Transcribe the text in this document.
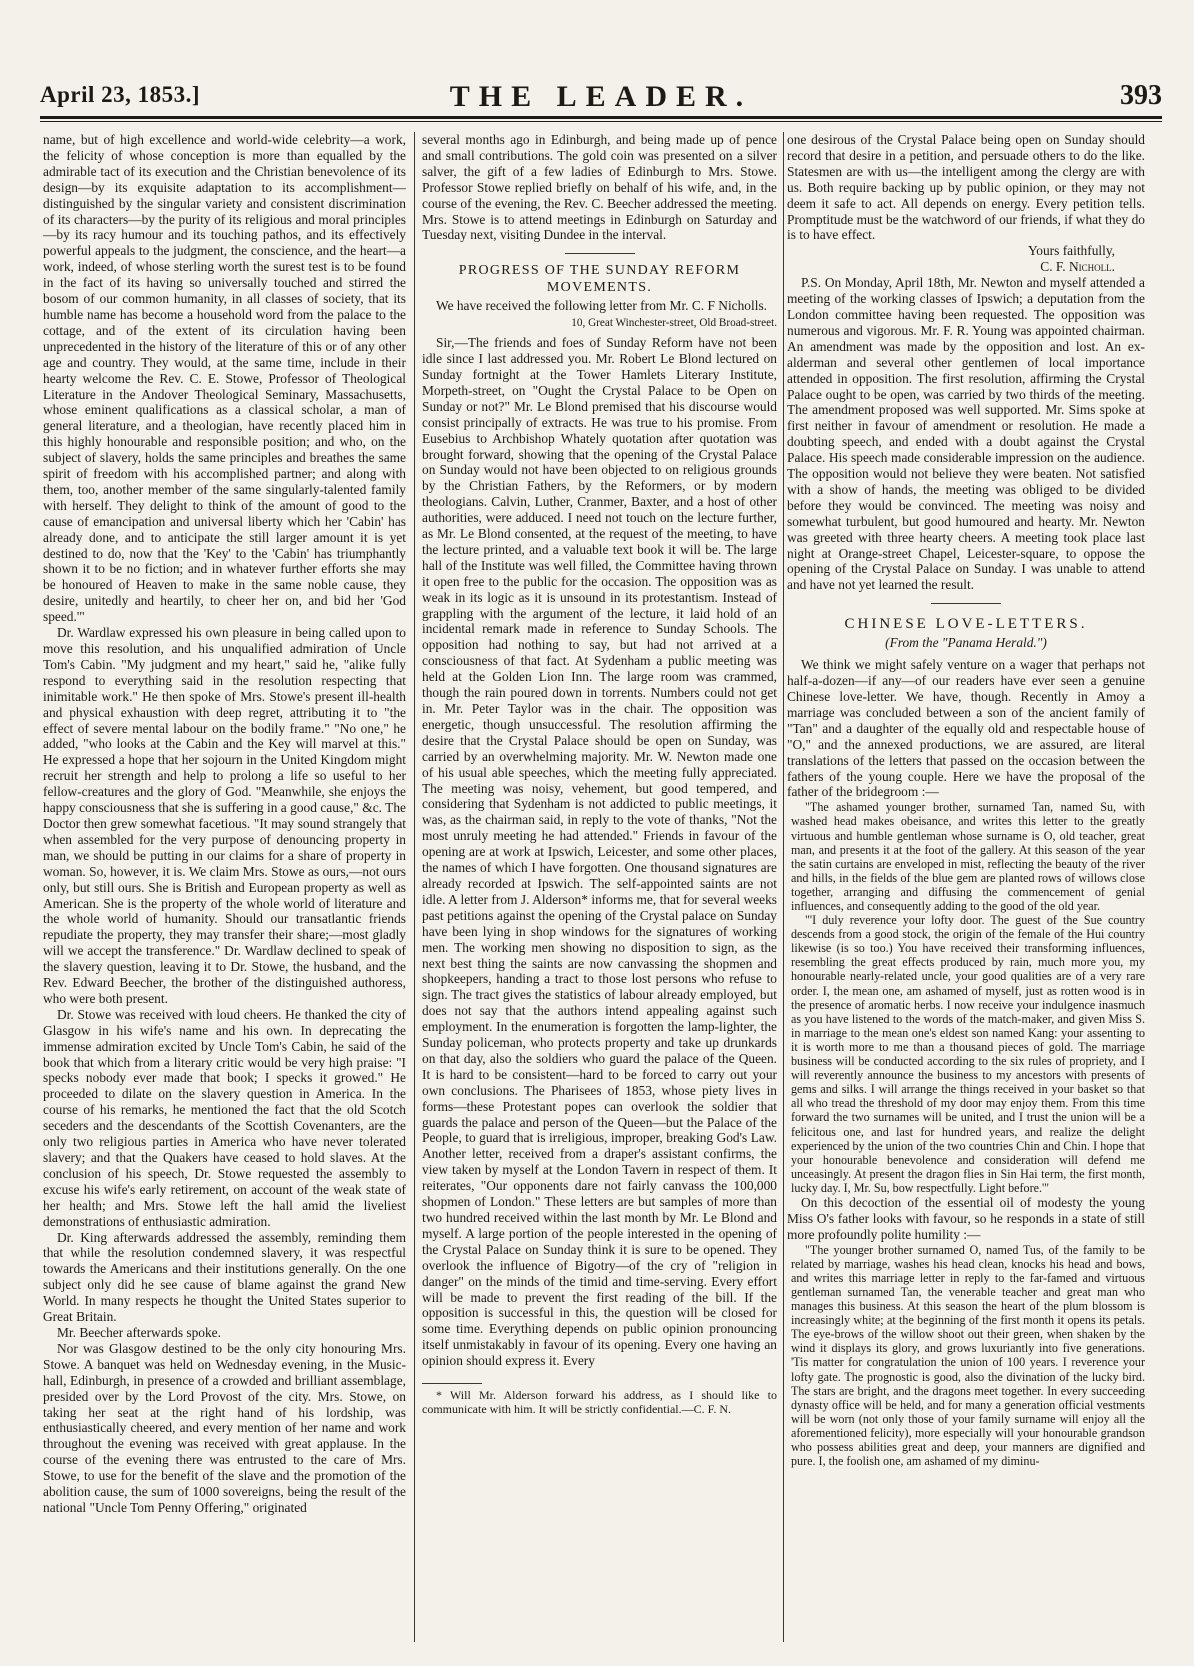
April 23, 1853.]	THE LEADER.	393

name, but of high excellence and world-wide celebrity—a work, the felicity of whose conception is more than equalled by the admirable tact of its execution and the Christian benevolence of its design—by its exquisite adaptation to its accomplishment—distinguished by the singular variety and consistent discrimination of its characters—by the purity of its religious and moral principles—by its racy humour and its touching pathos, and its effectively powerful appeals to the judgment, the conscience, and the heart—a work, indeed, of whose sterling worth the surest test is to be found in the fact of its having so universally touched and stirred the bosom of our common humanity, in all classes of society, that its humble name has become a household word from the palace to the cottage, and of the extent of its circulation having been unprecedented in the history of the literature of this or of any other age and country. They would, at the same time, include in their hearty welcome the Rev. C. E. Stowe, Professor of Theological Literature in the Andover Theological Seminary, Massachusetts, whose eminent qualifications as a classical scholar, a man of general literature, and a theologian, have recently placed him in this highly honourable and responsible position; and who, on the subject of slavery, holds the same principles and breathes the same spirit of freedom with his accomplished partner; and along with them, too, another member of the same singularly-talented family with herself. They delight to think of the amount of good to the cause of emancipation and universal liberty which her 'Cabin' has already done, and to anticipate the still larger amount it is yet destined to do, now that the 'Key' to the 'Cabin' has triumphantly shown it to be no fiction; and in whatever further efforts she may be honoured of Heaven to make in the same noble cause, they desire, unitedly and heartily, to cheer her on, and bid her 'God speed.'"

Dr. Wardlaw expressed his own pleasure in being called upon to move this resolution, and his unqualified admiration of Uncle Tom's Cabin. "My judgment and my heart," said he, "alike fully respond to everything said in the resolution respecting that inimitable work." He then spoke of Mrs. Stowe's present ill-health and physical exhaustion with deep regret, attributing it to "the effect of severe mental labour on the bodily frame." "No one," he added, "who looks at the Cabin and the Key will marvel at this." He expressed a hope that her sojourn in the United Kingdom might recruit her strength and help to prolong a life so useful to her fellow-creatures and the glory of God. "Meanwhile, she enjoys the happy consciousness that she is suffering in a good cause," &c. The Doctor then grew somewhat facetious. "It may sound strangely that when assembled for the very purpose of denouncing property in man, we should be putting in our claims for a share of property in woman. So, however, it is. We claim Mrs. Stowe as ours,—not ours only, but still ours. She is British and European property as well as American. She is the property of the whole world of literature and the whole world of humanity. Should our transatlantic friends repudiate the property, they may transfer their share;—most gladly will we accept the transference." Dr. Wardlaw declined to speak of the slavery question, leaving it to Dr. Stowe, the husband, and the Rev. Edward Beecher, the brother of the distinguished authoress, who were both present.

Dr. Stowe was received with loud cheers. He thanked the city of Glasgow in his wife's name and his own. In deprecating the immense admiration excited by Uncle Tom's Cabin, he said of the book that which from a literary critic would be very high praise: "I specks nobody ever made that book; I specks it growed." He proceeded to dilate on the slavery question in America. In the course of his remarks, he mentioned the fact that the old Scotch seceders and the descendants of the Scottish Covenanters, are the only two religious parties in America who have never tolerated slavery; and that the Quakers have ceased to hold slaves. At the conclusion of his speech, Dr. Stowe requested the assembly to excuse his wife's early retirement, on account of the weak state of her health; and Mrs. Stowe left the hall amid the liveliest demonstrations of enthusiastic admiration.

Dr. King afterwards addressed the assembly, reminding them that while the resolution condemned slavery, it was respectful towards the Americans and their institutions generally. On the one subject only did he see cause of blame against the grand New World. In many respects he thought the United States superior to Great Britain.

Mr. Beecher afterwards spoke.

Nor was Glasgow destined to be the only city honouring Mrs. Stowe. A banquet was held on Wednesday evening, in the Music-hall, Edinburgh, in presence of a crowded and brilliant assemblage, presided over by the Lord Provost of the city. Mrs. Stowe, on taking her seat at the right hand of his lordship, was enthusiastically cheered, and every mention of her name and work throughout the evening was received with great applause. In the course of the evening there was entrusted to the care of Mrs. Stowe, to use for the benefit of the slave and the promotion of the abolition cause, the sum of 1000 sovereigns, being the result of the national "Uncle Tom Penny Offering," originated

several months ago in Edinburgh, and being made up of pence and small contributions. The gold coin was presented on a silver salver, the gift of a few ladies of Edinburgh to Mrs. Stowe. Professor Stowe replied briefly on behalf of his wife, and, in the course of the evening, the Rev. C. Beecher addressed the meeting. Mrs. Stowe is to attend meetings in Edinburgh on Saturday and Tuesday next, visiting Dundee in the interval.

PROGRESS OF THE SUNDAY REFORM MOVEMENTS.

We have received the following letter from Mr. C. F Nicholls.

10, Great Winchester-street, Old Broad-street.

Sir,—The friends and foes of Sunday Reform have not been idle since I last addressed you. Mr. Robert Le Blond lectured on Sunday fortnight at the Tower Hamlets Literary Institute, Morpeth-street, on "Ought the Crystal Palace to be Open on Sunday or not?" Mr. Le Blond premised that his discourse would consist principally of extracts. He was true to his promise. From Eusebius to Archbishop Whately quotation after quotation was brought forward, showing that the opening of the Crystal Palace on Sunday would not have been objected to on religious grounds by the Christian Fathers, by the Reformers, or by modern theologians. Calvin, Luther, Cranmer, Baxter, and a host of other authorities, were adduced. I need not touch on the lecture further, as Mr. Le Blond consented, at the request of the meeting, to have the lecture printed, and a valuable text book it will be. The large hall of the Institute was well filled, the Committee having thrown it open free to the public for the occasion. The opposition was as weak in its logic as it is unsound in its protestantism. Instead of grappling with the argument of the lecture, it laid hold of an incidental remark made in reference to Sunday Schools. The opposition had nothing to say, but had not arrived at a consciousness of that fact. At Sydenham a public meeting was held at the Golden Lion Inn. The large room was crammed, though the rain poured down in torrents. Numbers could not get in. Mr. Peter Taylor was in the chair. The opposition was energetic, though unsuccessful. The resolution affirming the desire that the Crystal Palace should be open on Sunday, was carried by an overwhelming majority. Mr. W. Newton made one of his usual able speeches, which the meeting fully appreciated. The meeting was noisy, vehement, but good tempered, and considering that Sydenham is not addicted to public meetings, it was, as the chairman said, in reply to the vote of thanks, "Not the most unruly meeting he had attended." Friends in favour of the opening are at work at Ipswich, Leicester, and some other places, the names of which I have forgotten. One thousand signatures are already recorded at Ipswich. The self-appointed saints are not idle. A letter from J. Alderson* informs me, that for several weeks past petitions against the opening of the Crystal palace on Sunday have been lying in shop windows for the signatures of working men. The working men showing no disposition to sign, as the next best thing the saints are now canvassing the shopmen and shopkeepers, handing a tract to those lost persons who refuse to sign. The tract gives the statistics of labour already employed, but does not say that the authors intend appealing against such employment. In the enumeration is forgotten the lamp-lighter, the Sunday policeman, who protects property and take up drunkards on that day, also the soldiers who guard the palace of the Queen. It is hard to be consistent—hard to be forced to carry out your own conclusions. The Pharisees of 1853, whose piety lives in forms—these Protestant popes can overlook the soldier that guards the palace and person of the Queen—but the Palace of the People, to guard that is irreligious, improper, breaking God's Law. Another letter, received from a draper's assistant confirms, the view taken by myself at the London Tavern in respect of them. It reiterates, "Our opponents dare not fairly canvass the 100,000 shopmen of London." These letters are but samples of more than two hundred received within the last month by Mr. Le Blond and myself. A large portion of the people interested in the opening of the Crystal Palace on Sunday think it is sure to be opened. They overlook the influence of Bigotry—of the cry of "religion in danger" on the minds of the timid and time-serving. Every effort will be made to prevent the first reading of the bill. If the opposition is successful in this, the question will be closed for some time. Everything depends on public opinion pronouncing itself unmistakably in favour of its opening. Every one having an opinion should express it. Every

* Will Mr. Alderson forward his address, as I should like to communicate with him. It will be strictly confidential.—C. F. N.

one desirous of the Crystal Palace being open on Sunday should record that desire in a petition, and persuade others to do the like. Statesmen are with us—the intelligent among the clergy are with us. Both require backing up by public opinion, or they may not deem it safe to act. All depends on energy. Every petition tells. Promptitude must be the watchword of our friends, if what they do is to have effect.

Yours faithfully,

C. F. Nicholl.

P.S. On Monday, April 18th, Mr. Newton and myself attended a meeting of the working classes of Ipswich; a deputation from the London committee having been requested. The opposition was numerous and vigorous. Mr. F. R. Young was appointed chairman. An amendment was made by the opposition and lost. An ex-alderman and several other gentlemen of local importance attended in opposition. The first resolution, affirming the Crystal Palace ought to be open, was carried by two thirds of the meeting. The amendment proposed was well supported. Mr. Sims spoke at first neither in favour of amendment or resolution. He made a doubting speech, and ended with a doubt against the Crystal Palace. His speech made considerable impression on the audience. The opposition would not believe they were beaten. Not satisfied with a show of hands, the meeting was obliged to be divided before they would be convinced. The meeting was noisy and somewhat turbulent, but good humoured and hearty. Mr. Newton was greeted with three hearty cheers. A meeting took place last night at Orange-street Chapel, Leicester-square, to oppose the opening of the Crystal Palace on Sunday. I was unable to attend and have not yet learned the result.

CHINESE LOVE-LETTERS.
(From the "Panama Herald.")

We think we might safely venture on a wager that perhaps not half-a-dozen—if any—of our readers have ever seen a genuine Chinese love-letter. We have, though. Recently in Amoy a marriage was concluded between a son of the ancient family of "Tan" and a daughter of the equally old and respectable house of "O," and the annexed productions, we are assured, are literal translations of the letters that passed on the occasion between the fathers of the young couple. Here we have the proposal of the father of the bridegroom :—

"The ashamed younger brother, surnamed Tan, named Su, with washed head makes obeisance, and writes this letter to the greatly virtuous and humble gentleman whose surname is O, old teacher, great man, and presents it at the foot of the gallery. At this season of the year the satin curtains are enveloped in mist, reflecting the beauty of the river and hills, in the fields of the blue gem are planted rows of willows close together, arranging and diffusing the commencement of genial influences, and consequently adding to the good of the old year.

"'I duly reverence your lofty door. The guest of the Sue country descends from a good stock, the origin of the female of the Hui country likewise (is so too.) You have received their transforming influences, resembling the great effects produced by rain, much more you, my honourable nearly-related uncle, your good qualities are of a very rare order. I, the mean one, am ashamed of myself, just as rotten wood is in the presence of aromatic herbs. I now receive your indulgence inasmuch as you have listened to the words of the match-maker, and given Miss S. in marriage to the mean one's eldest son named Kang: your assenting to it is worth more to me than a thousand pieces of gold. The marriage business will be conducted according to the six rules of propriety, and I will reverently announce the business to my ancestors with presents of gems and silks. I will arrange the things received in your basket so that all who tread the threshold of my door may enjoy them. From this time forward the two surnames will be united, and I trust the union will be a felicitous one, and last for hundred years, and realize the delight experienced by the union of the two countries Chin and Chin. I hope that your honourable benevolence and consideration will defend me unceasingly. At present the dragon flies in Sin Hai term, the first month, lucky day. I, Mr. Su, bow respectfully. Light before.'"

On this decoction of the essential oil of modesty the young Miss O's father looks with favour, so he responds in a state of still more profoundly polite humility :—

"The younger brother surnamed O, named Tus, of the family to be related by marriage, washes his head clean, knocks his head and bows, and writes this marriage letter in reply to the far-famed and virtuous gentleman surnamed Tan, the venerable teacher and great man who manages this business. At this season the heart of the plum blossom is increasingly white; at the beginning of the first month it opens its petals. The eye-brows of the willow shoot out their green, when shaken by the wind it displays its glory, and grows luxuriantly into five generations. 'Tis matter for congratulation the union of 100 years. I reverence your lofty gate. The prognostic is good, also the divination of the lucky bird. The stars are bright, and the dragons meet together. In every succeeding dynasty office will be held, and for many a generation official vestments will be worn (not only those of your family surname will enjoy all the aforementioned felicity), more especially will your honourable grandson who possess abilities great and deep, your manners are dignified and pure. I, the foolish one, am ashamed of my diminu-
